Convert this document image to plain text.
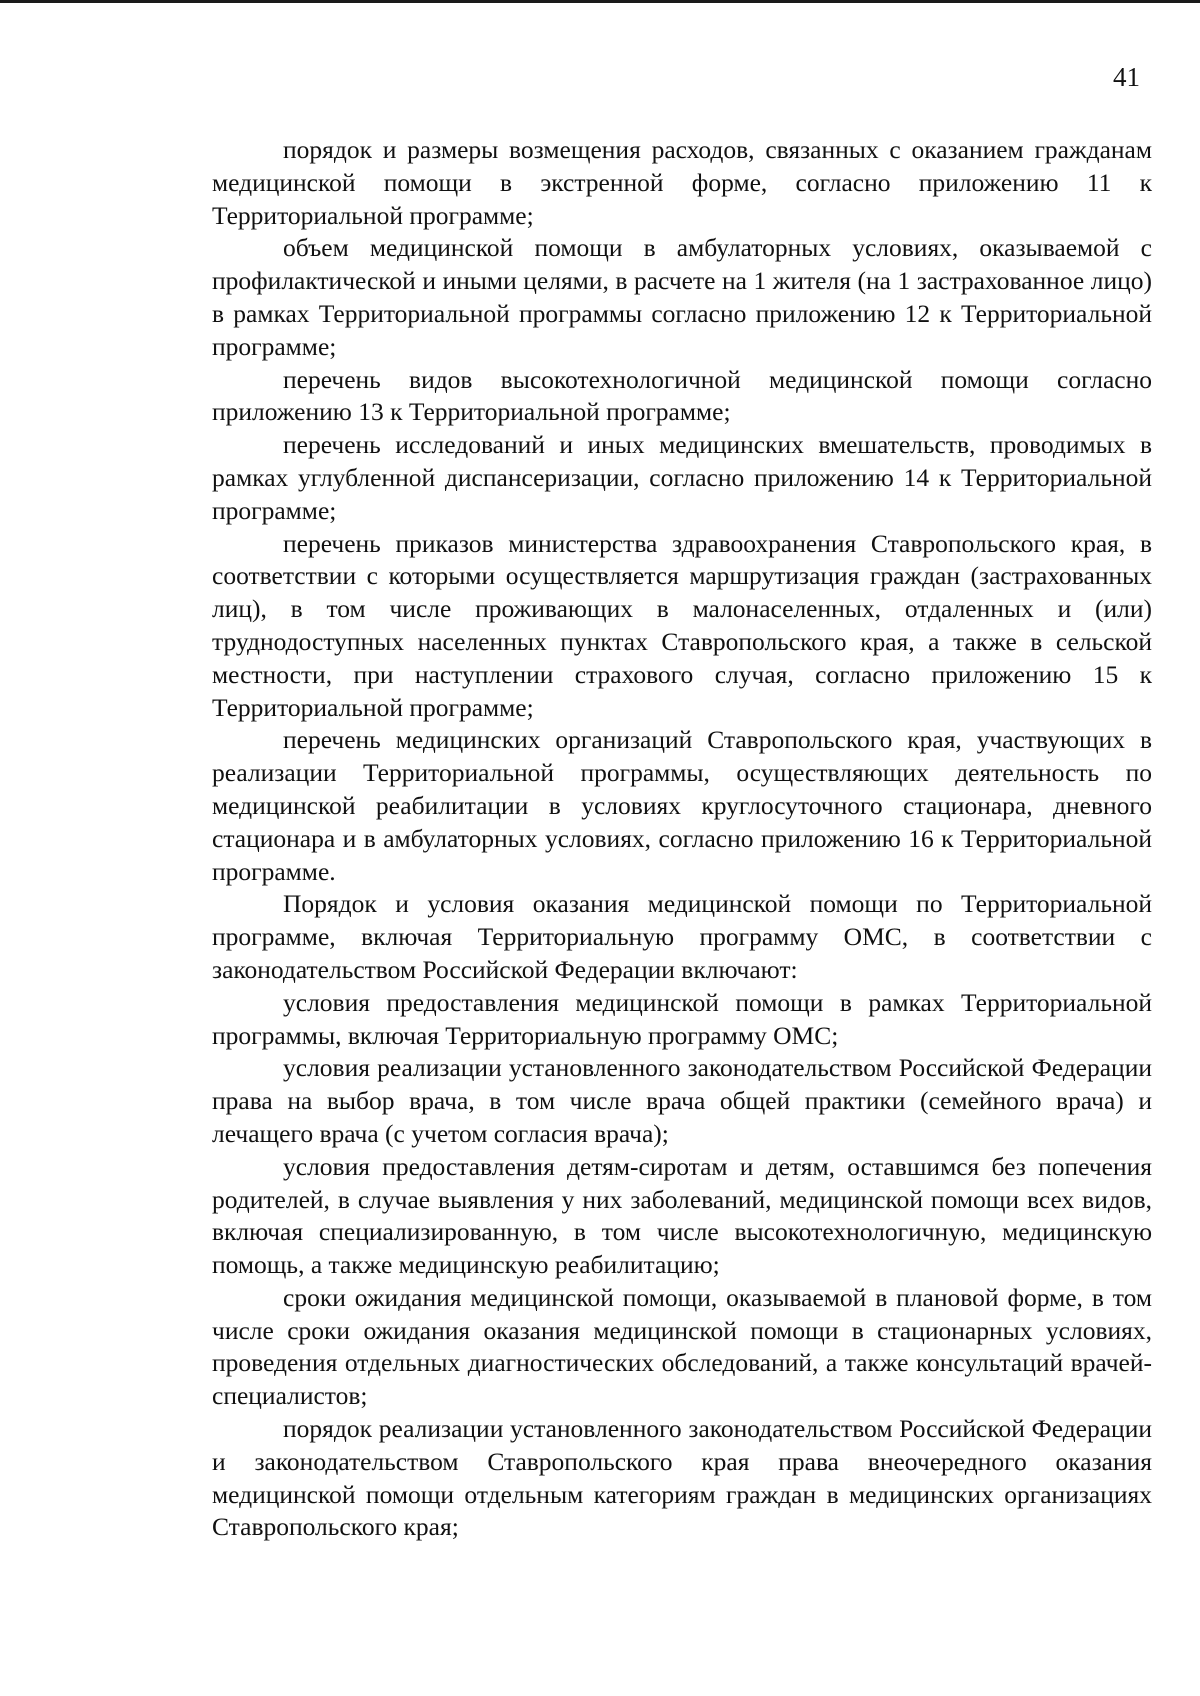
41

порядок и размеры возмещения расходов, связанных с оказанием гражданам медицинской помощи в экстренной форме, согласно приложению 11 к Территориальной программе;

объем медицинской помощи в амбулаторных условиях, оказываемой с профилактической и иными целями, в расчете на 1 жителя (на 1 застрахованное лицо) в рамках Территориальной программы согласно приложению 12 к Территориальной программе;

перечень видов высокотехнологичной медицинской помощи согласно приложению 13 к Территориальной программе;

перечень исследований и иных медицинских вмешательств, проводимых в рамках углубленной диспансеризации, согласно приложению 14 к Территориальной программе;

перечень приказов министерства здравоохранения Ставропольского края, в соответствии с которыми осуществляется маршрутизация граждан (застрахованных лиц), в том числе проживающих в малонаселенных, отдаленных и (или) труднодоступных населенных пунктах Ставропольского края, а также в сельской местности, при наступлении страхового случая, согласно приложению 15 к Территориальной программе;

перечень медицинских организаций Ставропольского края, участвующих в реализации Территориальной программы, осуществляющих деятельность по медицинской реабилитации в условиях круглосуточного стационара, дневного стационара и в амбулаторных условиях, согласно приложению 16 к Территориальной программе.

Порядок и условия оказания медицинской помощи по Территориальной программе, включая Территориальную программу ОМС, в соответствии с законодательством Российской Федерации включают:

условия предоставления медицинской помощи в рамках Территориальной программы, включая Территориальную программу ОМС;

условия реализации установленного законодательством Российской Федерации права на выбор врача, в том числе врача общей практики (семейного врача) и лечащего врача (с учетом согласия врача);

условия предоставления детям-сиротам и детям, оставшимся без попечения родителей, в случае выявления у них заболеваний, медицинской помощи всех видов, включая специализированную, в том числе высокотехнологичную, медицинскую помощь, а также медицинскую реабилитацию;

сроки ожидания медицинской помощи, оказываемой в плановой форме, в том числе сроки ожидания оказания медицинской помощи в стационарных условиях, проведения отдельных диагностических обследований, а также консультаций врачей-специалистов;

порядок реализации установленного законодательством Российской Федерации и законодательством Ставропольского края права внеочередного оказания медицинской помощи отдельным категориям граждан в медицинских организациях Ставропольского края;
